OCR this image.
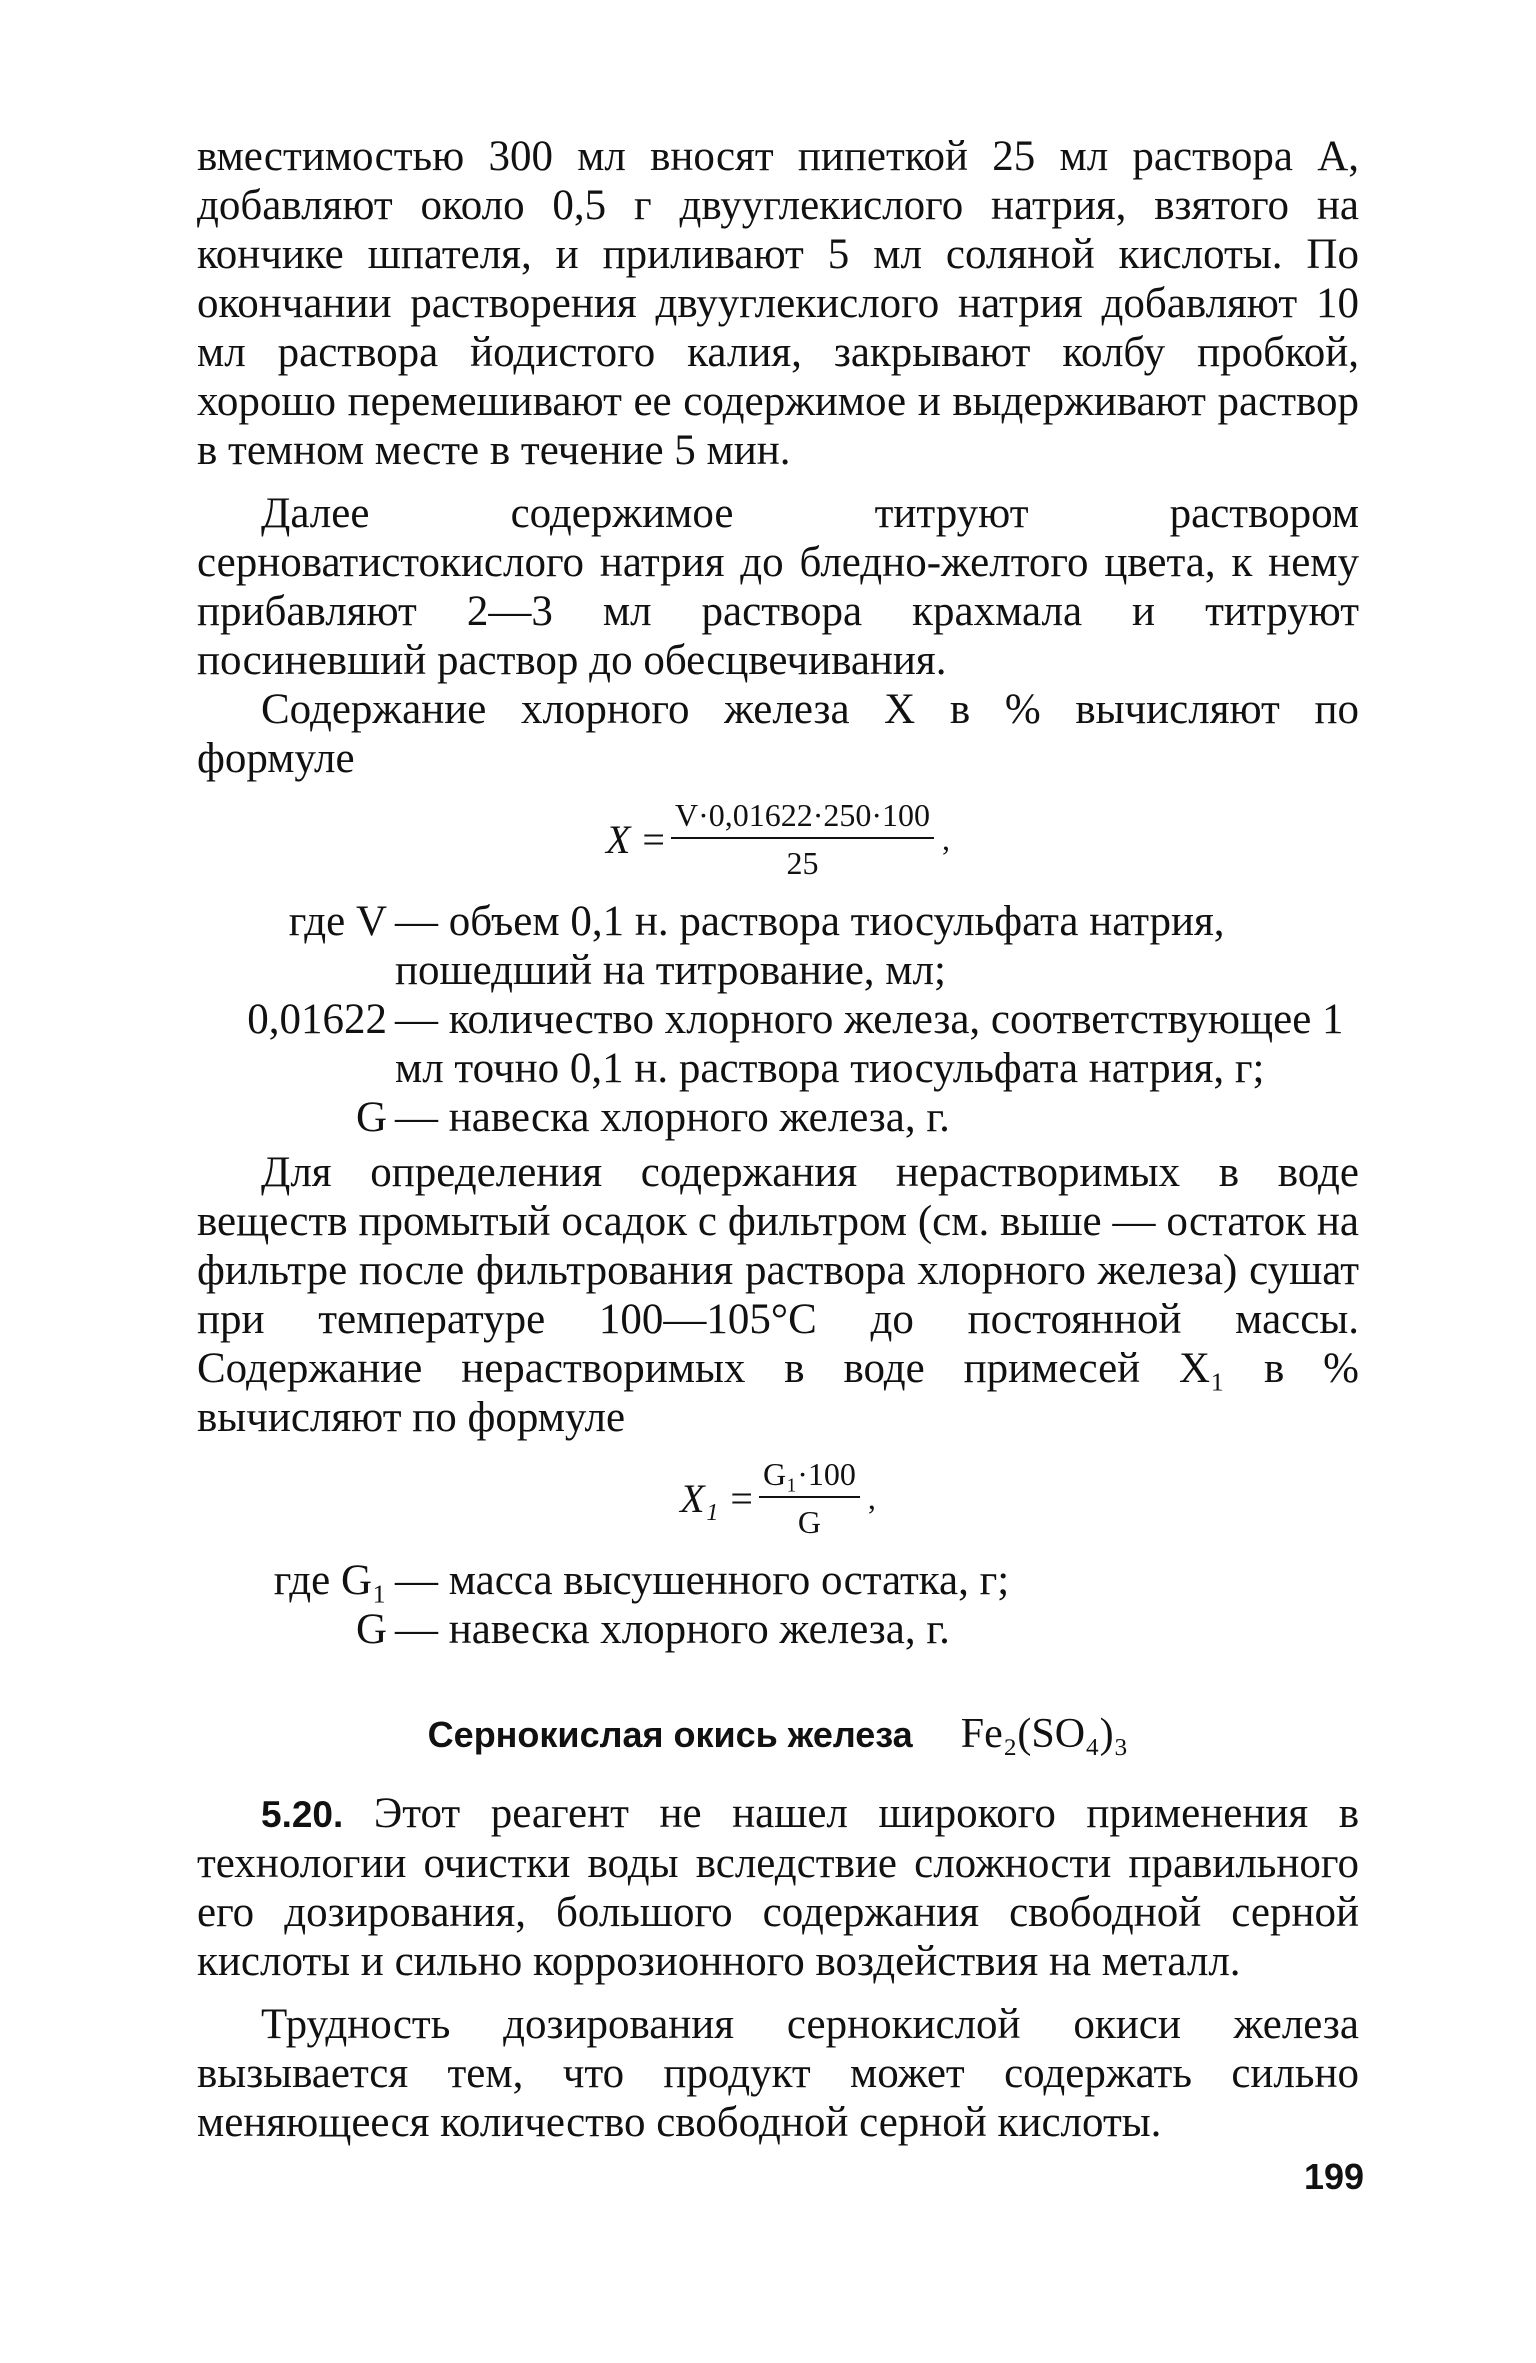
вместимостью 300 мл вносят пипеткой 25 мл раствора А, добавляют около 0,5 г двууглекислого натрия, взятого на кончике шпателя, и приливают 5 мл соляной кислоты. По окончании растворения двууглекислого натрия добавляют 10 мл раствора йодистого калия, закрывают колбу пробкой, хорошо перемешивают ее содержимое и выдерживают раствор в темном месте в течение 5 мин.

Далее содержимое титруют раствором серноватистокислого натрия до бледно-желтого цвета, к нему прибавляют 2—3 мл раствора крахмала и титруют посиневший раствор до обесцвечивания.

Содержание хлорного железа X в % вычисляют по формуле

$X = \frac{V\cdot 0,01622\cdot 250\cdot 100}{25}$ ,
где V — объем 0,1 н. раствора тиосульфата натрия, пошедший на титрование, мл;
0,01622 — количество хлорного железа, соответствующее 1 мл точно 0,1 н. раствора тиосульфата натрия, г;
G — навеска хлорного железа, г.

Для определения содержания нерастворимых в воде веществ промытый осадок с фильтром (см. выше — остаток на фильтре после фильтрования раствора хлорного железа) сушат при температуре 100—105°С до постоянной массы. Содержание нерастворимых в воде примесей X₁ в % вычисляют по формуле

$X_1 = \frac{\text{G₁·100}}{G}$ ,
где G₁ — масса высушенного остатка, г;
G — навеска хлорного железа, г.
Сернокислая окись железа Fe₂(SO₄)₃

5.20. Этот реагент не нашел широкого применения в технологии очистки воды вследствие сложности правильного его дозирования, большого содержания свободной серной кислоты и сильно коррозионного воздействия на металл.

Трудность дозирования сернокислой окиси железа вызывается тем, что продукт может содержать сильно меняющееся количество свободной серной кислоты.

199
